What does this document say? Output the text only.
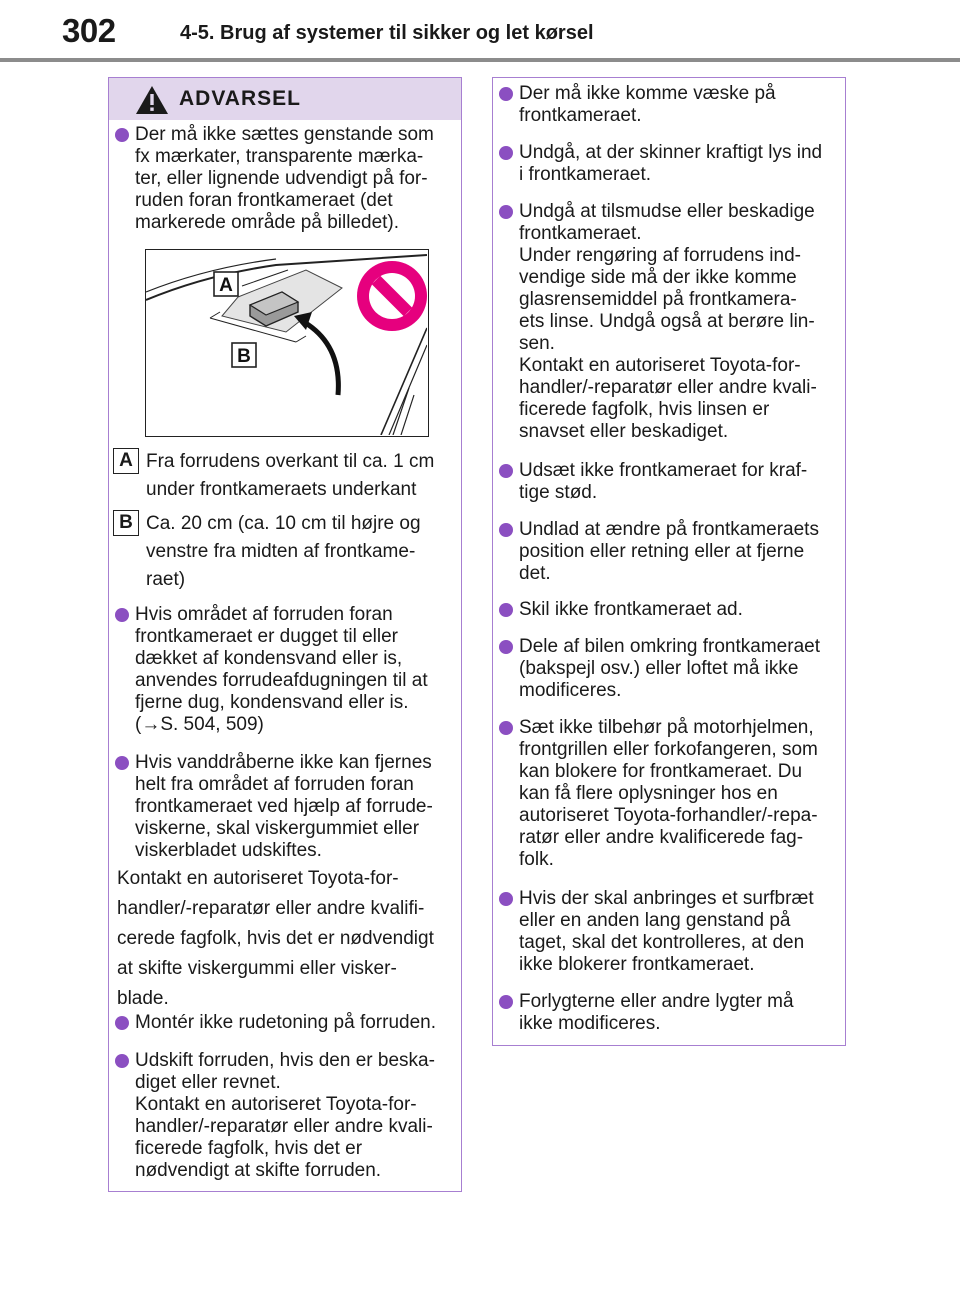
302	4-5. Brug af systemer til sikker og let kørsel
ADVARSEL
Der må ikke sættes genstande som
fx mærkater, transparente mærka-
ter, eller lignende udvendigt på for-
ruden foran frontkameraet (det
markerede område på billedet).
A
B
A Fra forrudens overkant til ca. 1 cm
under frontkameraets underkant
B Ca. 20 cm (ca. 10 cm til højre og
venstre fra midten af frontkame-
raet)
Hvis området af forruden foran
frontkameraet er dugget til eller
dækket af kondensvand eller is,
anvendes forrudeafdugningen til at
fjerne dug, kondensvand eller is.
(→S. 504, 509)
Hvis vanddråberne ikke kan fjernes
helt fra området af forruden foran
frontkameraet ved hjælp af forrude-
viskerne, skal viskergummiet eller
viskerbladet udskiftes.
Kontakt en autoriseret Toyota-for-
handler/-reparatør eller andre kvalifi-
cerede fagfolk, hvis det er nødvendigt
at skifte viskergummi eller visker-
blade.
Montér ikke rudetoning på forruden.
Udskift forruden, hvis den er beska-
diget eller revnet.
Kontakt en autoriseret Toyota-for-
handler/-reparatør eller andre kvali-
ficerede fagfolk, hvis det er
nødvendigt at skifte forruden.
Der må ikke komme væske på
frontkameraet.
Undgå, at der skinner kraftigt lys ind
i frontkameraet.
Undgå at tilsmudse eller beskadige
frontkameraet.
Under rengøring af forrudens ind-
vendige side må der ikke komme
glasrensemiddel på frontkamera-
ets linse. Undgå også at berøre lin-
sen.
Kontakt en autoriseret Toyota-for-
handler/-reparatør eller andre kvali-
ficerede fagfolk, hvis linsen er
snavset eller beskadiget.
Udsæt ikke frontkameraet for kraf-
tige stød.
Undlad at ændre på frontkameraets
position eller retning eller at fjerne
det.
Skil ikke frontkameraet ad.
Dele af bilen omkring frontkameraet
(bakspejl osv.) eller loftet må ikke
modificeres.
Sæt ikke tilbehør på motorhjelmen,
frontgrillen eller forkofangeren, som
kan blokere for frontkameraet. Du
kan få flere oplysninger hos en
autoriseret Toyota-forhandler/-repa-
ratør eller andre kvalificerede fag-
folk.
Hvis der skal anbringes et surfbræt
eller en anden lang genstand på
taget, skal det kontrolleres, at den
ikke blokerer frontkameraet.
Forlygterne eller andre lygter må
ikke modificeres.
